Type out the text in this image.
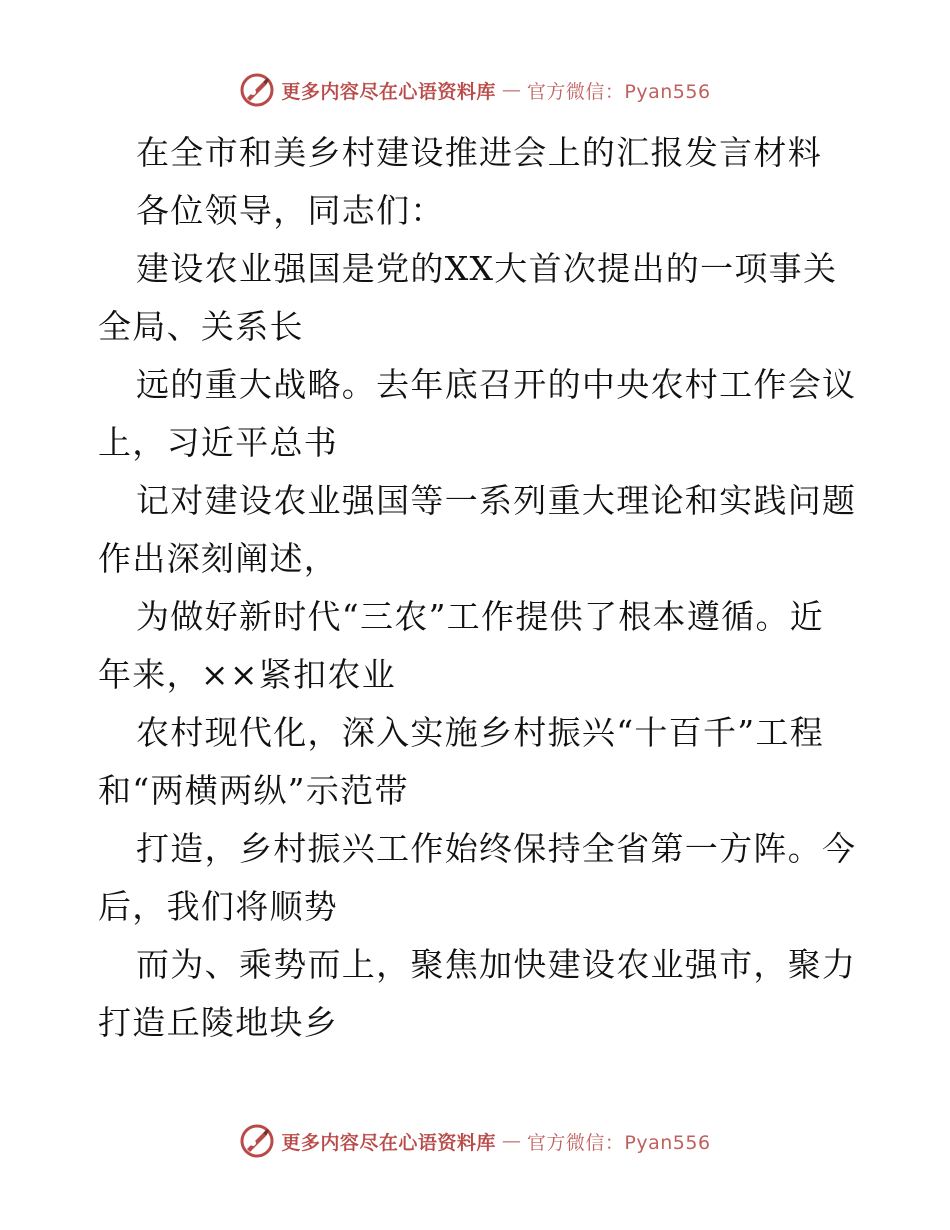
更多内容尽在心语资料库 — 官方微信：Pyan556
在全市和美乡村建设推进会上的汇报发言材料
各位领导，同志们：
建设农业强国是党的XX大首次提出的一项事关
全局、关系长
远的重大战略。去年底召开的中央农村工作会议
上，习近平总书
记对建设农业强国等一系列重大理论和实践问题
作出深刻阐述，
为做好新时代“三农”工作提供了根本遵循。近
年来，××紧扣农业
农村现代化，深入实施乡村振兴“十百千”工程
和“两横两纵”示范带
打造，乡村振兴工作始终保持全省第一方阵。今
后，我们将顺势
而为、乘势而上，聚焦加快建设农业强市，聚力
打造丘陵地块乡
更多内容尽在心语资料库 — 官方微信：Pyan556
